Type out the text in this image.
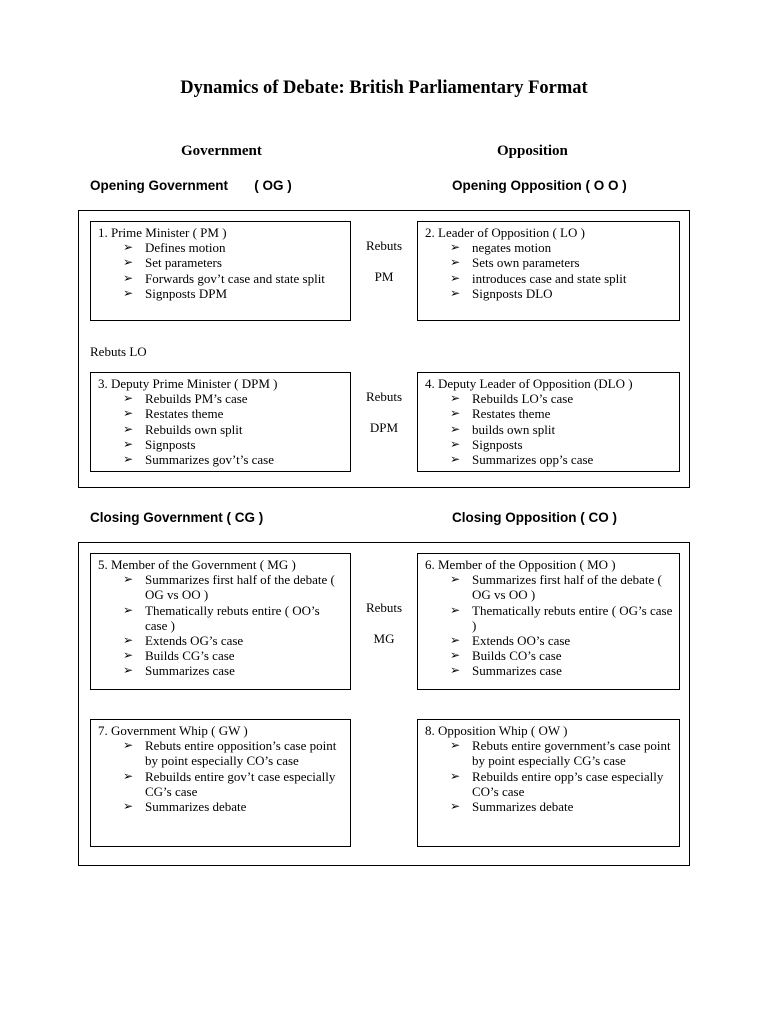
Dynamics of Debate: British Parliamentary Format
Government	Opposition
Opening Government       ( OG )	Opening Opposition ( O O )
1. Prime Minister ( PM )
➢ Defines motion
➢ Set parameters
➢ Forwards gov’t case and state split
➢ Signposts DPM
2. Leader of Opposition ( LO )
➢ negates motion
➢ Sets own parameters
➢ introduces case and state split
➢ Signposts DLO
Rebuts
PM
Rebuts LO
3. Deputy Prime Minister ( DPM )
➢ Rebuilds PM’s case
➢ Restates theme
➢ Rebuilds own split
➢ Signposts
➢ Summarizes gov’t’s case
4. Deputy Leader of Opposition (DLO )
➢ Rebuilds LO’s case
➢ Restates theme
➢ builds own split
➢ Signposts
➢ Summarizes opp’s case
Rebuts
DPM
Closing Government ( CG )	Closing Opposition ( CO )
5. Member of the Government ( MG )
➢ Summarizes first half of the debate ( OG vs OO )
➢ Thematically rebuts entire ( OO’s case )
➢ Extends OG’s case
➢ Builds CG’s case
➢ Summarizes case
6. Member of the Opposition ( MO )
➢ Summarizes first half of the debate ( OG vs OO )
➢ Thematically rebuts entire ( OG’s case )
➢ Extends OO’s case
➢ Builds CO’s case
➢ Summarizes case
Rebuts
MG
7. Government Whip ( GW )
➢ Rebuts entire opposition’s case point by point especially CO’s case
➢ Rebuilds entire gov’t case especially CG’s case
➢ Summarizes debate
8. Opposition Whip ( OW )
➢ Rebuts entire government’s case point by point especially CG’s case
➢ Rebuilds entire opp’s case especially CO’s case
➢ Summarizes debate
